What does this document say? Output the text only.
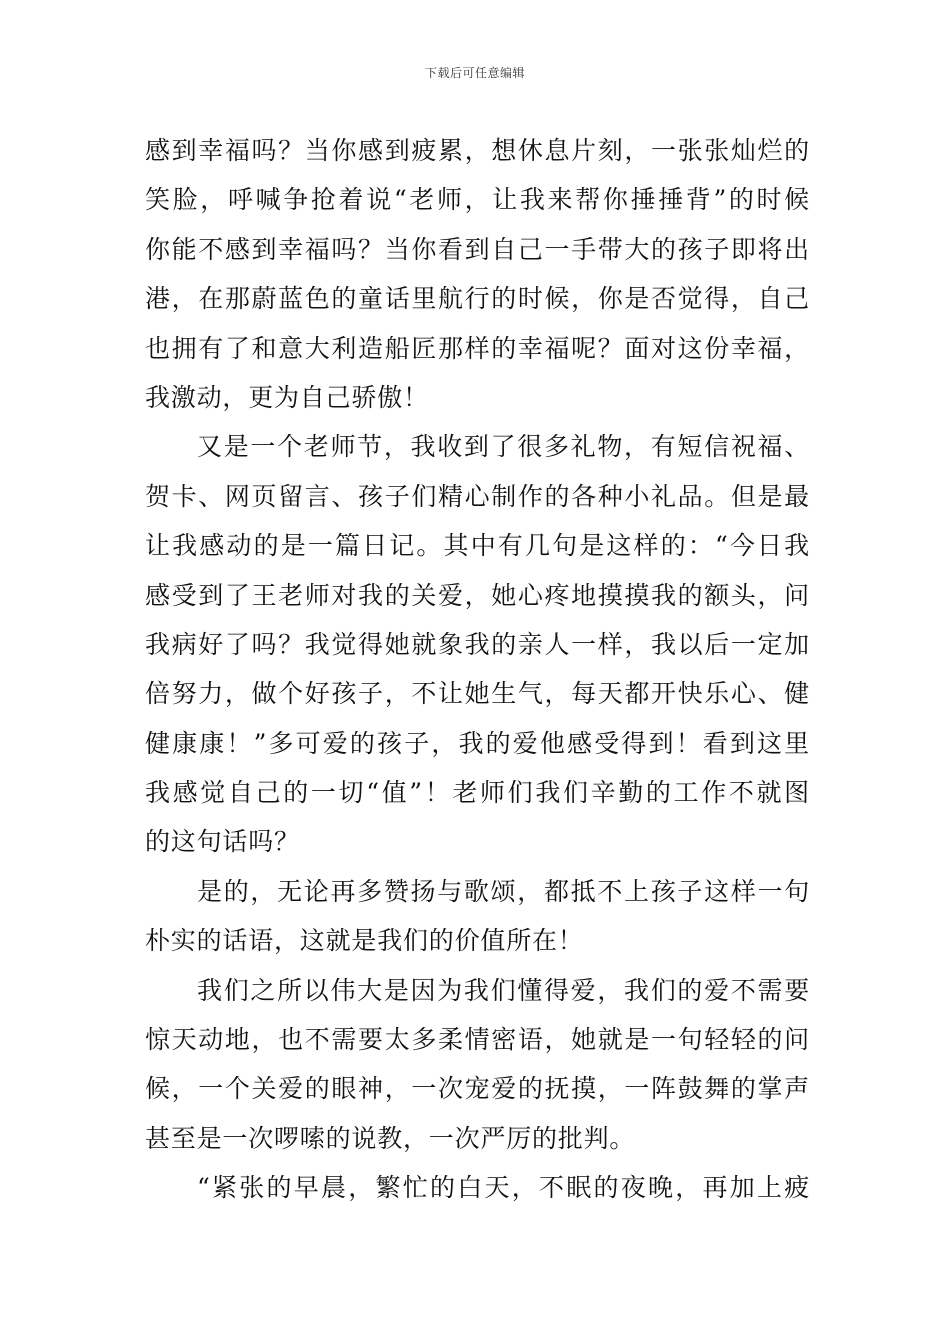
下载后可任意编辑
感到幸福吗？当你感到疲累，想休息片刻，一张张灿烂的
笑脸，呼喊争抢着说“老师，让我来帮你捶捶背”的时候
你能不感到幸福吗？当你看到自己一手带大的孩子即将出
港，在那蔚蓝色的童话里航行的时候，你是否觉得，自己
也拥有了和意大利造船匠那样的幸福呢？面对这份幸福，
我激动，更为自己骄傲！
又是一个老师节，我收到了很多礼物，有短信祝福、
贺卡、网页留言、孩子们精心制作的各种小礼品。但是最
让我感动的是一篇日记。其中有几句是这样的：“今日我
感受到了王老师对我的关爱，她心疼地摸摸我的额头，问
我病好了吗？我觉得她就象我的亲人一样，我以后一定加
倍努力，做个好孩子，不让她生气，每天都开快乐心、健
健康康！”多可爱的孩子，我的爱他感受得到！看到这里
我感觉自己的一切“值”！老师们我们辛勤的工作不就图
的这句话吗？
是的，无论再多赞扬与歌颂，都抵不上孩子这样一句
朴实的话语，这就是我们的价值所在！
我们之所以伟大是因为我们懂得爱，我们的爱不需要
惊天动地，也不需要太多柔情密语，她就是一句轻轻的问
候，一个关爱的眼神，一次宠爱的抚摸，一阵鼓舞的掌声
甚至是一次啰嗦的说教，一次严厉的批判。
“紧张的早晨，繁忙的白天，不眠的夜晚，再加上疲
